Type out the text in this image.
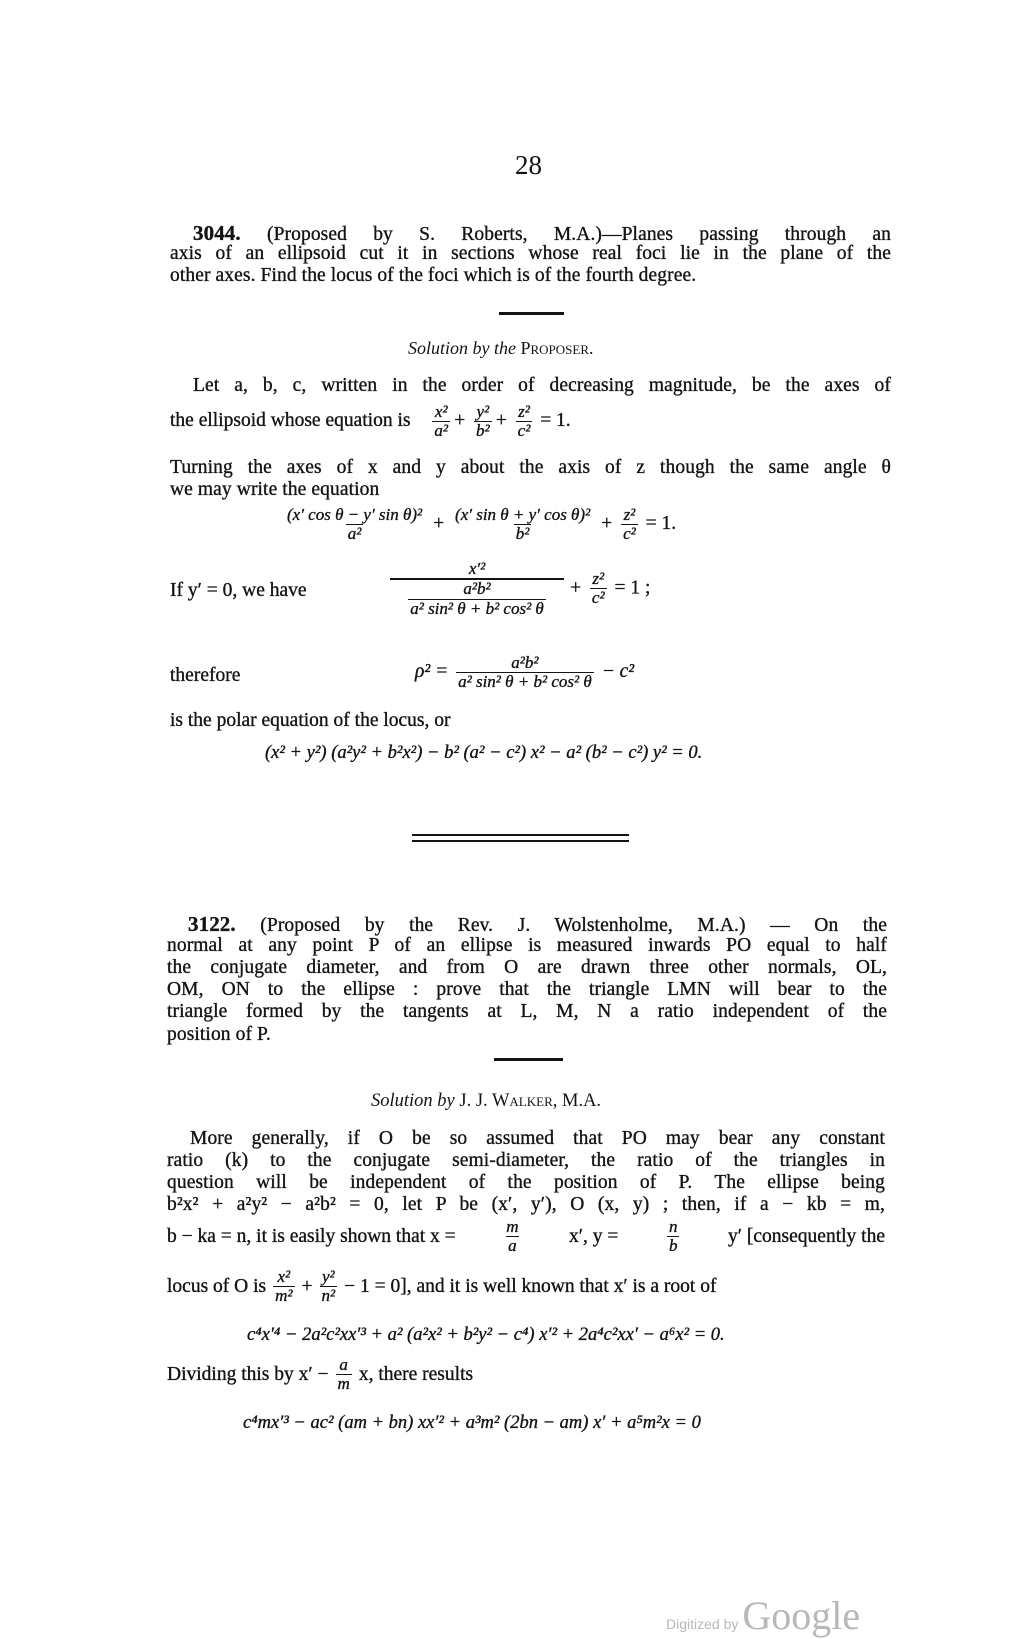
28
3044. (Proposed by S. Roberts, M.A.)—Planes passing through an
axis of an ellipsoid cut it in sections whose real foci lie in the plane of the
other axes. Find the locus of the foci which is of the fourth degree.
Solution by the Proposer.
Let a, b, c, written in the order of decreasing magnitude, be the axes of
the ellipsoid whose equation is $\frac{\text{x²}}{\text{a²}} + \frac{\text{y²}}{\text{b²}} + \frac{\text{z²}}{\text{c²}} = 1$.
Turning the axes of x and y about the axis of z though the same angle θ
we may write the equation
$\frac{\text{(x′ cos θ − y′ sin θ)²}}{\text{a²}} + \frac{\text{(x′ sin θ + y′ cos θ)²}}{\text{b²}} + \frac{\text{z²}}{\text{c²}} = 1$.
If y′ = 0, we have
x′²
a²b²
a² sin² θ + b² cos² θ
+ $\frac{\text{z²}}{\text{c²}} = 1$ ;
therefore	$\rho^2 = \frac{\text{a²b²}}{\text{a² sin² θ + b² cos² θ}} - c^2$
is the polar equation of the locus, or
(x² + y²) (a²y² + b²x²) − b² (a² − c²) x² − a² (b² − c²) y² = 0.
3122. (Proposed by the Rev. J. Wolstenholme, M.A.) — On the
normal at any point P of an ellipse is measured inwards PO equal to half
the conjugate diameter, and from O are drawn three other normals, OL,
OM, ON to the ellipse : prove that the triangle LMN will bear to the
triangle formed by the tangents at L, M, N a ratio independent of the
position of P.
Solution by J. J. Walker, M.A.
More generally, if O be so assumed that PO may bear any constant
ratio (k) to the conjugate semi-diameter, the ratio of the triangles in
question will be independent of the position of P. The ellipse being
b²x² + a²y² − a²b² = 0, let P be (x′, y′), O (x, y) ; then, if a − kb = m,
b − ka = n, it is easily shown that x =	$\frac{m}{a} x'$, y =	$\frac{n}{b} y'$ [consequently the
locus of O is $\frac{\text{x²}}{\text{m²}} + \frac{\text{y²}}{\text{n²}} - 1 = 0$], and it is well known that x′ is a root of
c⁴x′⁴ − 2a²c²xx′³ + a² (a²x² + b²y² − c⁴) x′² + 2a⁴c²xx′ − a⁶x² = 0.
Dividing this by $x' - \frac{a}{m} x$, there results
c⁴mx′³ − ac² (am + bn) xx′² + a³m² (2bn − am) x′ + a⁵m²x = 0
Digitized by Google
